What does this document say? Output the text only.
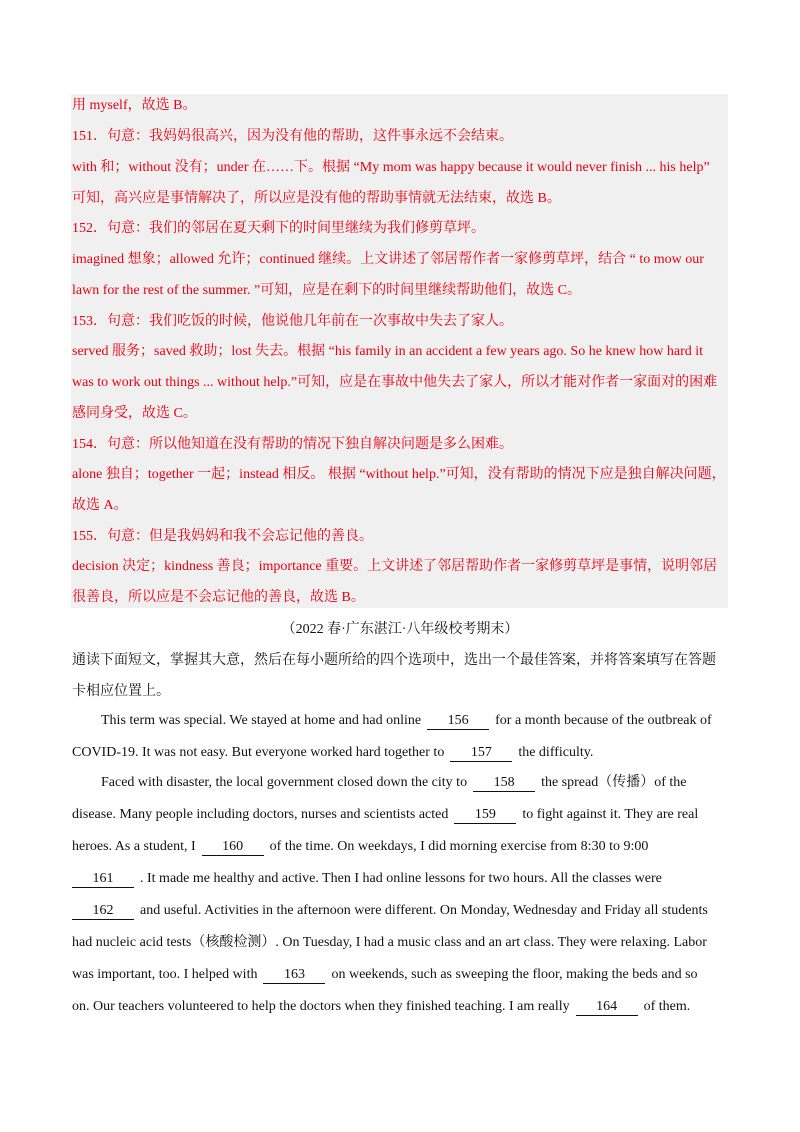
用 myself，故选 B。
151．句意：我妈妈很高兴，因为没有他的帮助，这件事永远不会结束。
with 和；without 没有；under 在……下。根据 “My mom was happy because it would never finish ... his help”
可知，高兴应是事情解决了，所以应是没有他的帮助事情就无法结束，故选 B。
152．句意：我们的邻居在夏天剩下的时间里继续为我们修剪草坪。
imagined 想象；allowed 允许；continued 继续。上文讲述了邻居帮作者一家修剪草坪，结合 “ to mow our
lawn for the rest of the summer. ”可知，应是在剩下的时间里继续帮助他们，故选 C。
153．句意：我们吃饭的时候，他说他几年前在一次事故中失去了家人。
served 服务；saved 救助；lost 失去。根据 “his family in an accident a few years ago. So he knew how hard it
was to work out things ... without help.”可知，应是在事故中他失去了家人，所以才能对作者一家面对的困难
感同身受，故选 C。
154．句意：所以他知道在没有帮助的情况下独自解决问题是多么困难。
alone 独自；together 一起；instead 相反。 根据 “without help.”可知，没有帮助的情况下应是独自解决问题，
故选 A。
155．句意：但是我妈妈和我不会忘记他的善良。
decision 决定；kindness 善良；importance 重要。上文讲述了邻居帮助作者一家修剪草坪是事情，说明邻居
很善良，所以应是不会忘记他的善良，故选 B。
（2022 春·广东湛江·八年级校考期末）
通读下面短文，掌握其大意，然后在每小题所给的四个选项中，选出一个最佳答案，并将答案填写在答题
卡相应位置上。
This term was special. We stayed at home and had online 156 for a month because of the outbreak of
COVID-19. It was not easy. But everyone worked hard together to 157 the difficulty.
Faced with disaster, the local government closed down the city to 158 the spread（传播）of the
disease. Many people including doctors, nurses and scientists acted 159 to fight against it. They are real
heroes. As a student, I 160 of the time. On weekdays, I did morning exercise from 8:30 to 9:00
161 . It made me healthy and active. Then I had online lessons for two hours. All the classes were
162 and useful. Activities in the afternoon were different. On Monday, Wednesday and Friday all students
had nucleic acid tests（核酸检测）. On Tuesday, I had a music class and an art class. They were relaxing. Labor
was important, too. I helped with 163 on weekends, such as sweeping the floor, making the beds and so
on. Our teachers volunteered to help the doctors when they finished teaching. I am really 164 of them.
